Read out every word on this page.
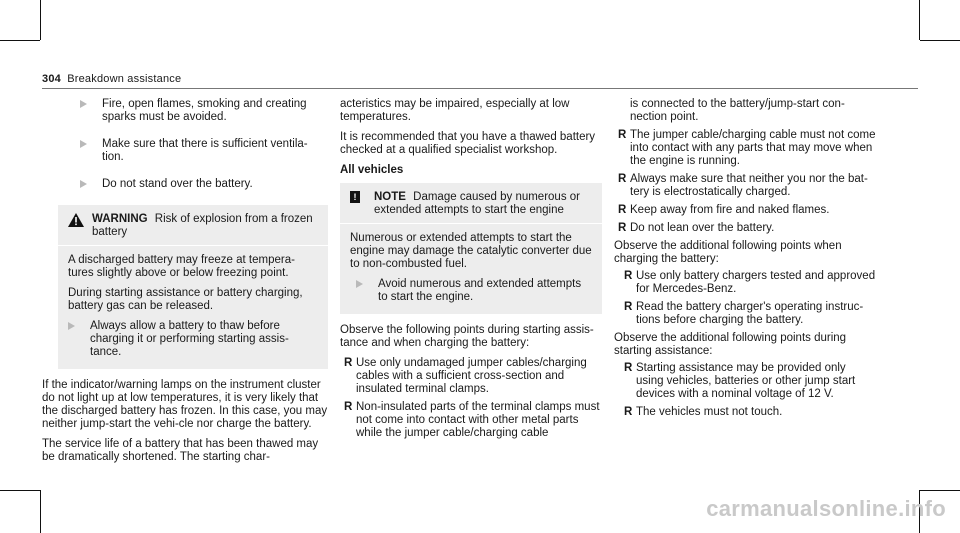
304 Breakdown assistance
Fire, open flames, smoking and creating sparks must be avoided.
Make sure that there is sufficient ventila-tion.
Do not stand over the battery.
WARNING Risk of explosion from a frozen battery

A discharged battery may freeze at tempera-tures slightly above or below freezing point.

During starting assistance or battery charging, battery gas can be released.

Always allow a battery to thaw before charging it or performing starting assis-tance.

If the indicator/warning lamps on the instrument cluster do not light up at low temperatures, it is very likely that the discharged battery has frozen. In this case, you may neither jump-start the vehi-cle nor charge the battery.

The service life of a battery that has been thawed may be dramatically shortened. The starting char-

acteristics may be impaired, especially at low temperatures.

It is recommended that you have a thawed battery checked at a qualified specialist workshop.

All vehicles
!	NOTE Damage caused by numerous or extended attempts to start the engine

Numerous or extended attempts to start the engine may damage the catalytic converter due to non-combusted fuel.

Avoid numerous and extended attempts to start the engine.

Observe the following points during starting assis-tance and when charging the battery:

R Use only undamaged jumper cables/charging cables with a sufficient cross-section and insulated terminal clamps.
R Non-insulated parts of the terminal clamps must not come into contact with other metal parts while the jumper cable/charging cable

is connected to the battery/jump-start con-nection point.

R The jumper cable/charging cable must not come into contact with any parts that may move when the engine is running.
R Always make sure that neither you nor the bat-tery is electrostatically charged.
R Keep away from fire and naked flames.
R Do not lean over the battery.

Observe the additional following points when charging the battery:

R Use only battery chargers tested and approved for Mercedes-Benz.
R Read the battery charger's operating instruc-tions before charging the battery.

Observe the additional following points during starting assistance:

R Starting assistance may be provided only using vehicles, batteries or other jump start devices with a nominal voltage of 12 V.
R The vehicles must not touch.
carmanualsonline.info
